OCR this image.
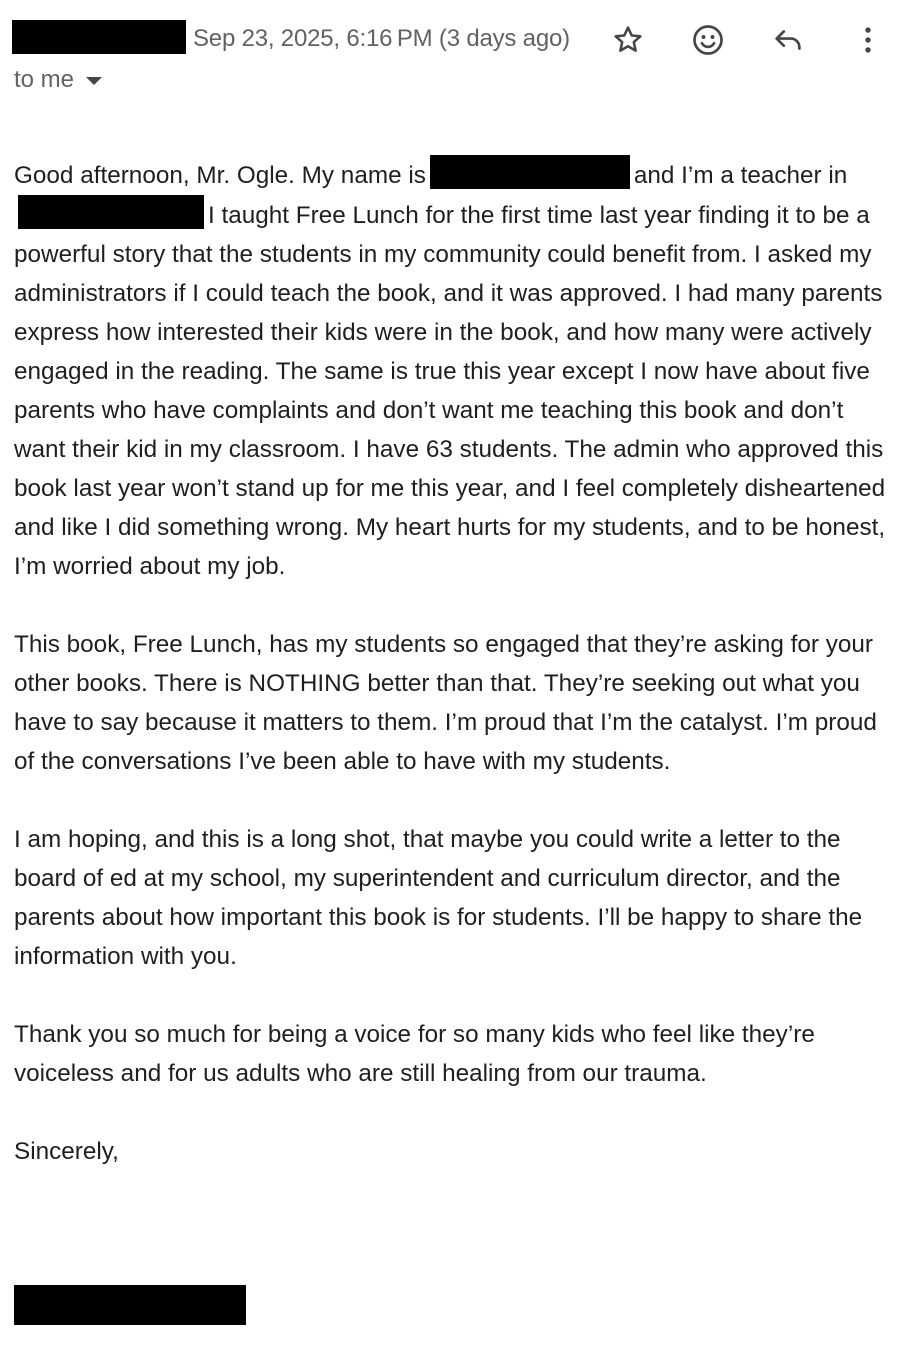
Sep 23, 2025, 6:16 PM (3 days ago)
to me

Good afternoon, Mr. Ogle. My name is	and I’m a teacher inI taught Free Lunch for the first time last year finding it to be a powerful story that the students in my community could benefit from. I asked my administrators if I could teach the book, and it was approved. I had many parents express how interested their kids were in the book, and how many were actively engaged in the reading. The same is true this year except I now have about five parents who have complaints and don’t want me teaching this book and don’t want their kid in my classroom. I have 63 students. The admin who approved this book last year won’t stand up for me this year, and I feel completely disheartened and like I did something wrong. My heart hurts for my students, and to be honest, I’m worried about my job.

This book, Free Lunch, has my students so engaged that they’re asking for your other books. There is NOTHING better than that. They’re seeking out what you have to say because it matters to them. I’m proud that I’m the catalyst. I’m proud of the conversations I’ve been able to have with my students.

I am hoping, and this is a long shot, that maybe you could write a letter to the board of ed at my school, my superintendent and curriculum director, and the parents about how important this book is for students. I’ll be happy to share the information with you.

Thank you so much for being a voice for so many kids who feel like they’re voiceless and for us adults who are still healing from our trauma.

Sincerely,
